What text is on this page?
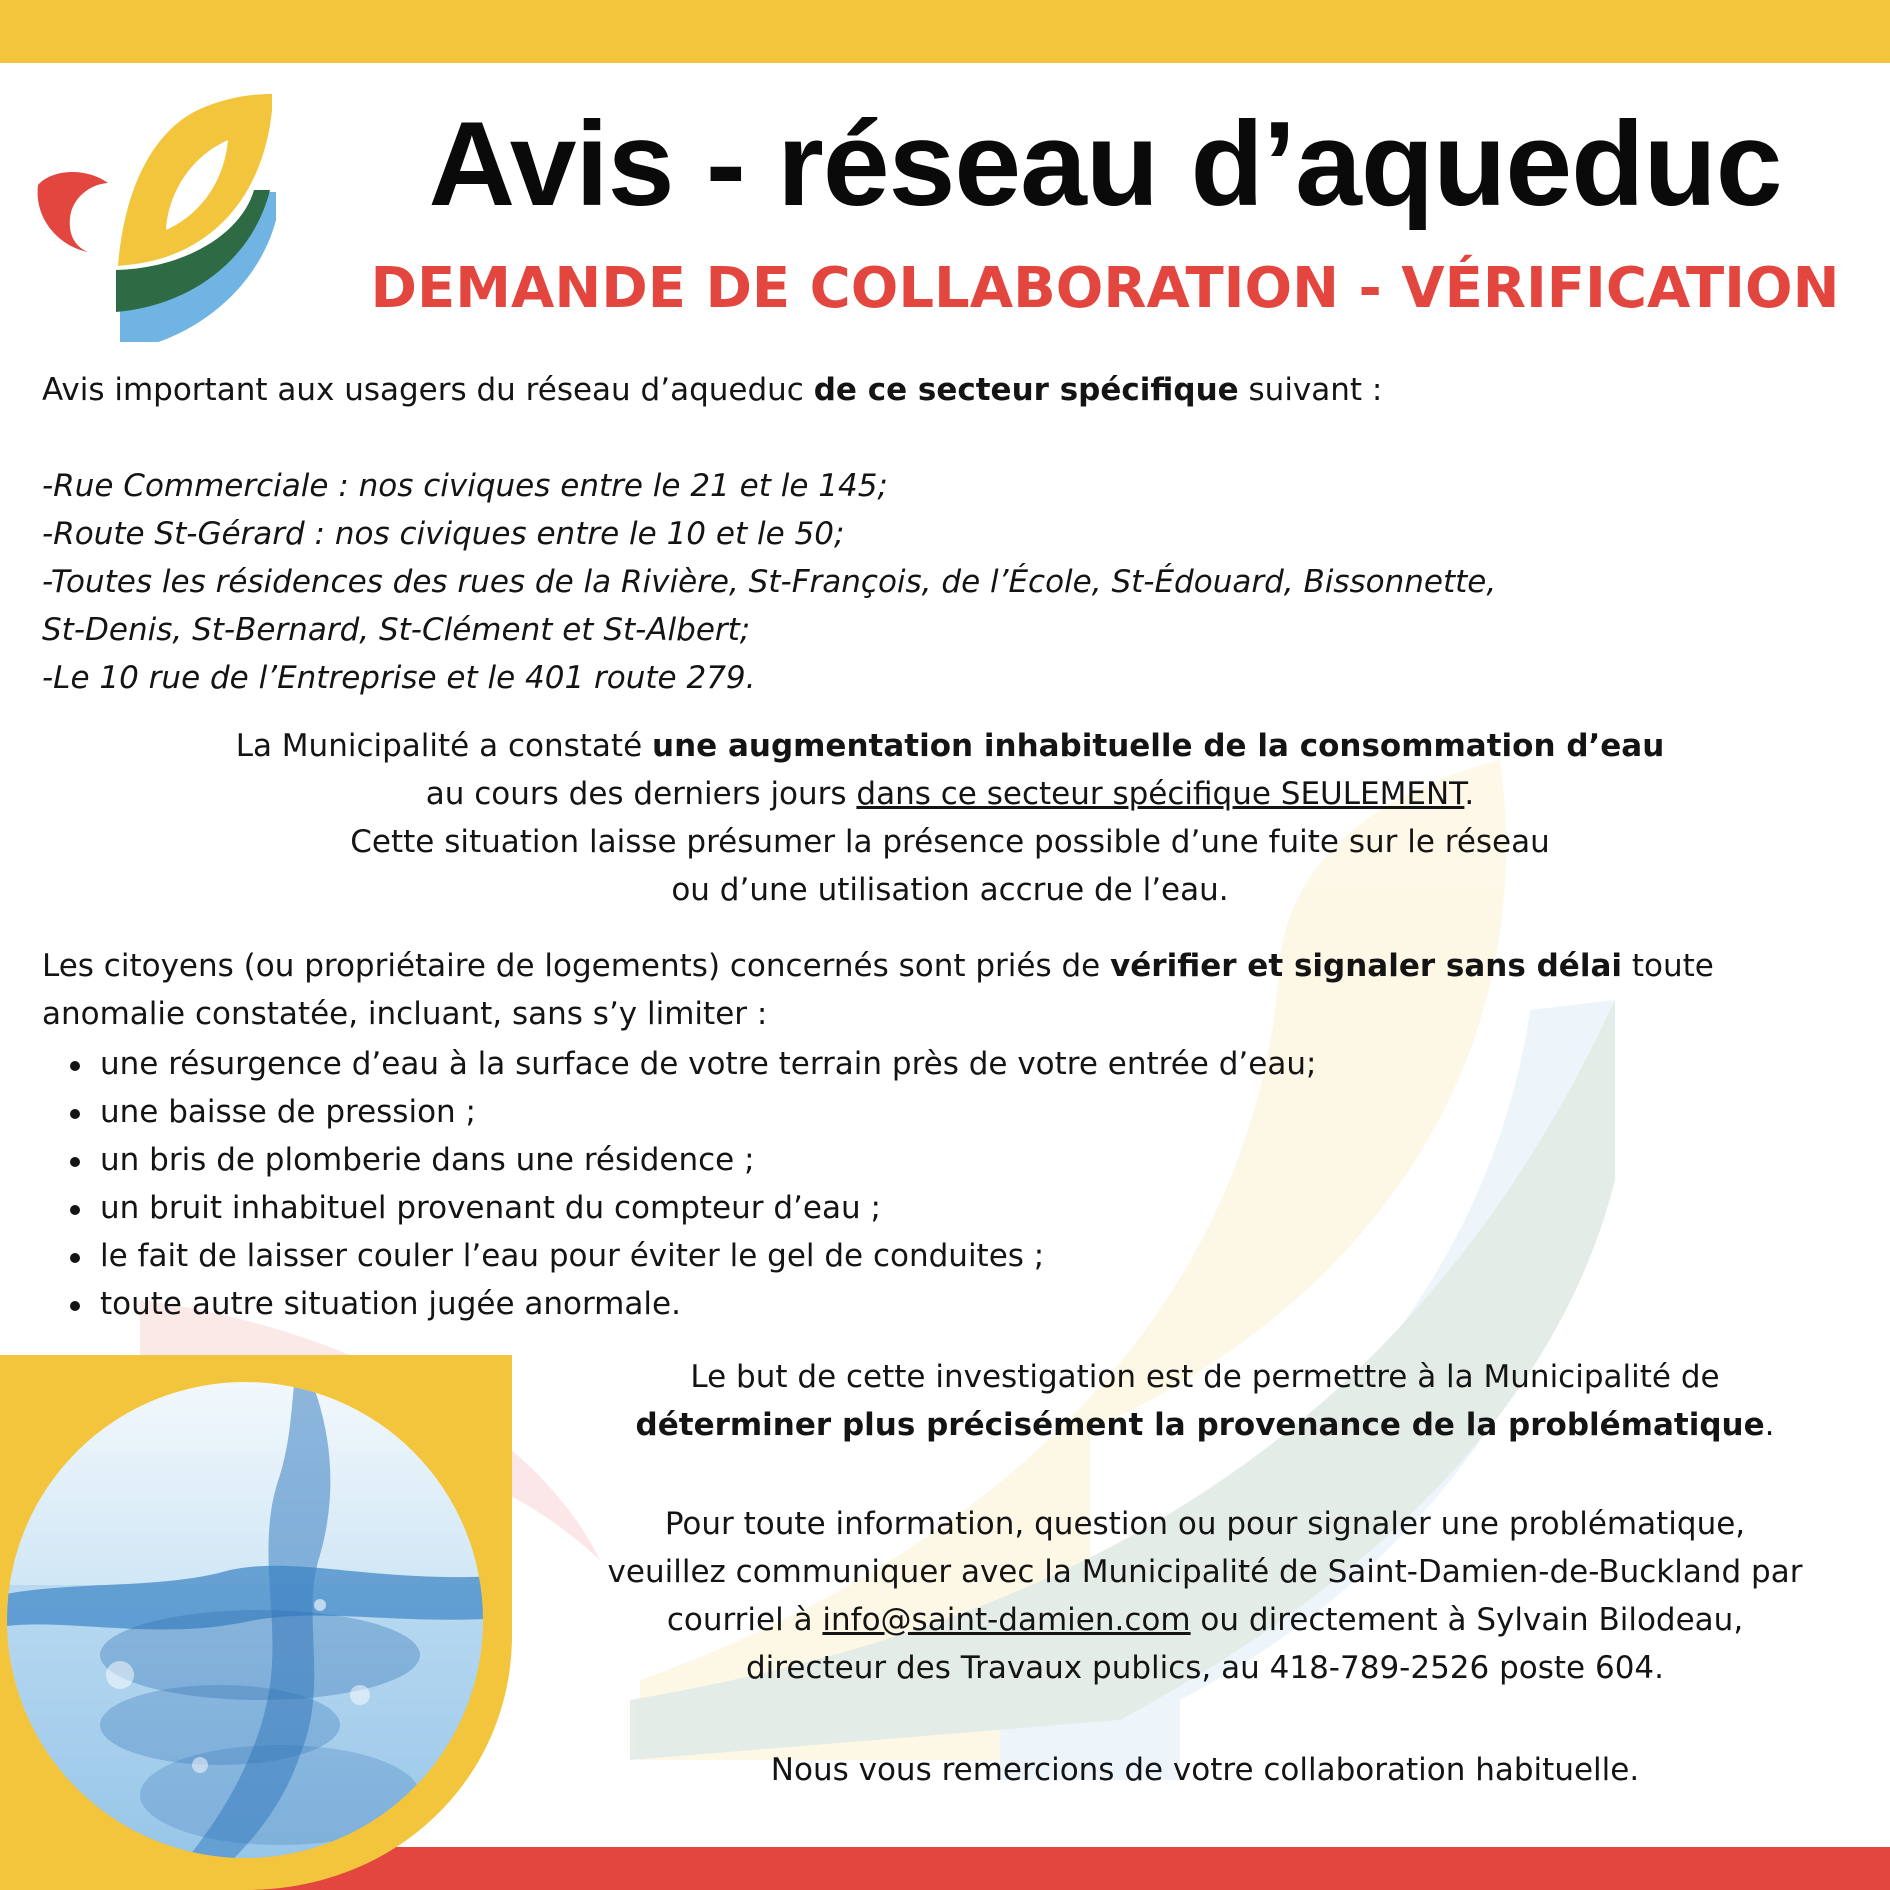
Avis - réseau d’aqueduc
DEMANDE DE COLLABORATION - VÉRIFICATION

Avis important aux usagers du réseau d’aqueduc de ce secteur spécifique suivant :

-Rue Commerciale : nos civiques entre le 21 et le 145;
-Route St-Gérard : nos civiques entre le 10 et le 50;
-Toutes les résidences des rues de la Rivière, St-François, de l’École, St-Édouard, Bissonnette,
St-Denis, St-Bernard, St-Clément et St-Albert;
-Le 10 rue de l’Entreprise et le 401 route 279.
La Municipalité a constaté une augmentation inhabituelle de la consommation d’eau
au cours des derniers jours dans ce secteur spécifique SEULEMENT.
Cette situation laisse présumer la présence possible d’une fuite sur le réseau
ou d’une utilisation accrue de l’eau.
Les citoyens (ou propriétaire de logements) concernés sont priés de vérifier et signaler sans délai toute
anomalie constatée, incluant, sans s’y limiter :
une résurgence d’eau à la surface de votre terrain près de votre entrée d’eau;
une baisse de pression ;
un bris de plomberie dans une résidence ;
un bruit inhabituel provenant du compteur d’eau ;
le fait de laisser couler l’eau pour éviter le gel de conduites ;
toute autre situation jugée anormale.
Le but de cette investigation est de permettre à la Municipalité de
déterminer plus précisément la provenance de la problématique.
Pour toute information, question ou pour signaler une problématique,
veuillez communiquer avec la Municipalité de Saint-Damien-de-Buckland par
courriel à info@saint-damien.com ou directement à Sylvain Bilodeau,
directeur des Travaux publics, au 418-789-2526 poste 604.
Nous vous remercions de votre collaboration habituelle.
